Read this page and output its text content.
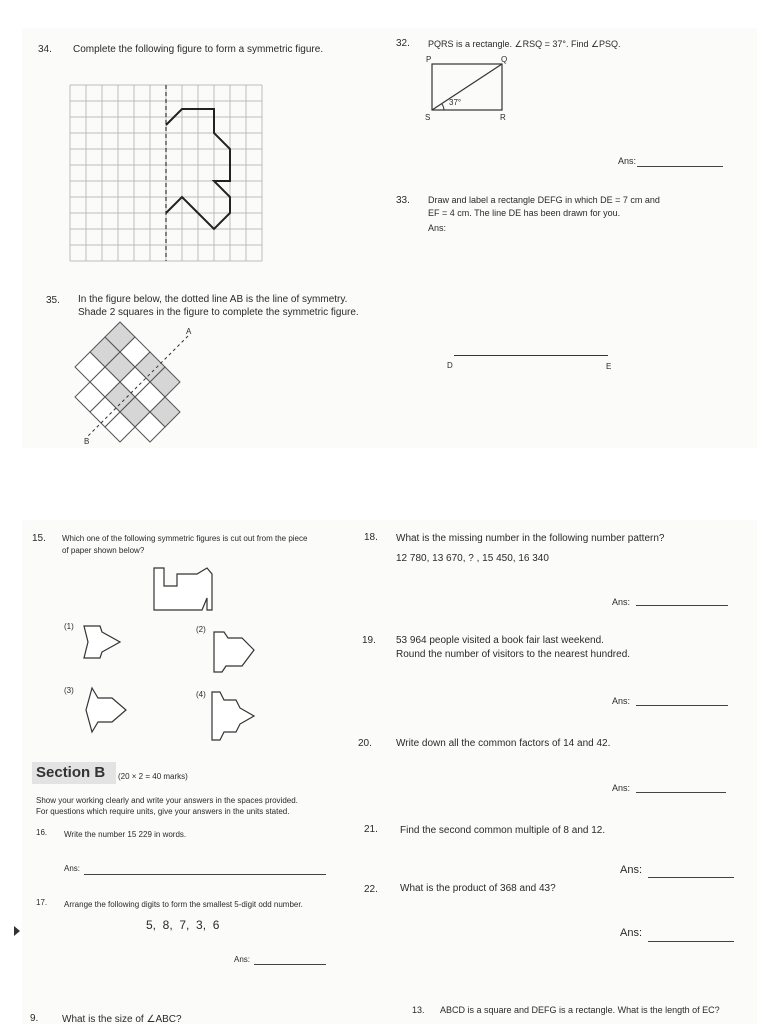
34. Complete the following figure to form a symmetric figure.
35. In the figure below, the dotted line AB is the line of symmetry.
Shade 2 squares in the figure to complete the symmetric figure.
A
B
32. PQRS is a rectangle. ∠RSQ = 37°. Find ∠PSQ.
P	Q
S	R
37°
Ans:
33. Draw and label a rectangle DEFG in which DE = 7 cm and
EF = 4 cm. The line DE has been drawn for you.
Ans:
D	E
15. Which one of the following symmetric figures is cut out from the piece
of paper shown below?
(1)	(2)
(3)	(4)
Section B (20 × 2 = 40 marks)
Show your working clearly and write your answers in the spaces provided.
For questions which require units, give your answers in the units stated.
16. Write the number 15 229 in words.
Ans:
17. Arrange the following digits to form the smallest 5-digit odd number.
5,  8,  7,  3,  6
Ans:
18. What is the missing number in the following number pattern?
12 780, 13 670, ? , 15 450, 16 340
Ans:
19. 53 964 people visited a book fair last weekend.
Round the number of visitors to the nearest hundred.
Ans:
20. Write down all the common factors of 14 and 42.
Ans:
21. Find the second common multiple of 8 and 12.
Ans:
22. What is the product of 368 and 43?
Ans:
9. What is the size of ∠ABC?
13. ABCD is a square and DEFG is a rectangle. What is the length of EC?
